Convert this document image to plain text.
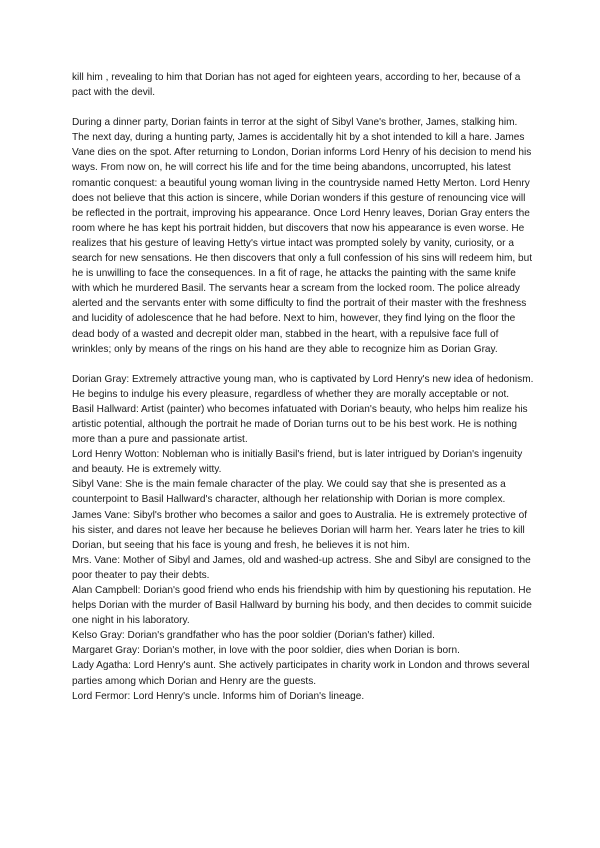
kill him , revealing to him that Dorian has not aged for eighteen years, according to her, because of a pact with the devil.

During a dinner party, Dorian faints in terror at the sight of Sibyl Vane's brother, James, stalking him. The next day, during a hunting party, James is accidentally hit by a shot intended to kill a hare. James Vane dies on the spot. After returning to London, Dorian informs Lord Henry of his decision to mend his ways. From now on, he will correct his life and for the time being abandons, uncorrupted, his latest romantic conquest: a beautiful young woman living in the countryside named Hetty Merton. Lord Henry does not believe that this action is sincere, while Dorian wonders if this gesture of renouncing vice will be reflected in the portrait, improving his appearance. Once Lord Henry leaves, Dorian Gray enters the room where he has kept his portrait hidden, but discovers that now his appearance is even worse. He realizes that his gesture of leaving Hetty's virtue intact was prompted solely by vanity, curiosity, or a search for new sensations. He then discovers that only a full confession of his sins will redeem him, but he is unwilling to face the consequences. In a fit of rage, he attacks the painting with the same knife with which he murdered Basil. The servants hear a scream from the locked room. The police already alerted and the servants enter with some difficulty to find the portrait of their master with the freshness and lucidity of adolescence that he had before. Next to him, however, they find lying on the floor the dead body of a wasted and decrepit older man, stabbed in the heart, with a repulsive face full of wrinkles; only by means of the rings on his hand are they able to recognize him as Dorian Gray.

Dorian Gray: Extremely attractive young man, who is captivated by Lord Henry's new idea of hedonism. He begins to indulge his every pleasure, regardless of whether they are morally acceptable or not.

Basil Hallward: Artist (painter) who becomes infatuated with Dorian's beauty, who helps him realize his artistic potential, although the portrait he made of Dorian turns out to be his best work. He is nothing more than a pure and passionate artist.

Lord Henry Wotton: Nobleman who is initially Basil's friend, but is later intrigued by Dorian's ingenuity and beauty. He is extremely witty.

Sibyl Vane: She is the main female character of the play. We could say that she is presented as a counterpoint to Basil Hallward's character, although her relationship with Dorian is more complex.

James Vane: Sibyl's brother who becomes a sailor and goes to Australia. He is extremely protective of his sister, and dares not leave her because he believes Dorian will harm her. Years later he tries to kill Dorian, but seeing that his face is young and fresh, he believes it is not him.

Mrs. Vane: Mother of Sibyl and James, old and washed-up actress. She and Sibyl are consigned to the poor theater to pay their debts.

Alan Campbell: Dorian's good friend who ends his friendship with him by questioning his reputation. He helps Dorian with the murder of Basil Hallward by burning his body, and then decides to commit suicide one night in his laboratory.

Kelso Gray: Dorian's grandfather who has the poor soldier (Dorian's father) killed.

Margaret Gray: Dorian's mother, in love with the poor soldier, dies when Dorian is born.

Lady Agatha: Lord Henry's aunt. She actively participates in charity work in London and throws several parties among which Dorian and Henry are the guests.

Lord Fermor: Lord Henry's uncle. Informs him of Dorian's lineage.
